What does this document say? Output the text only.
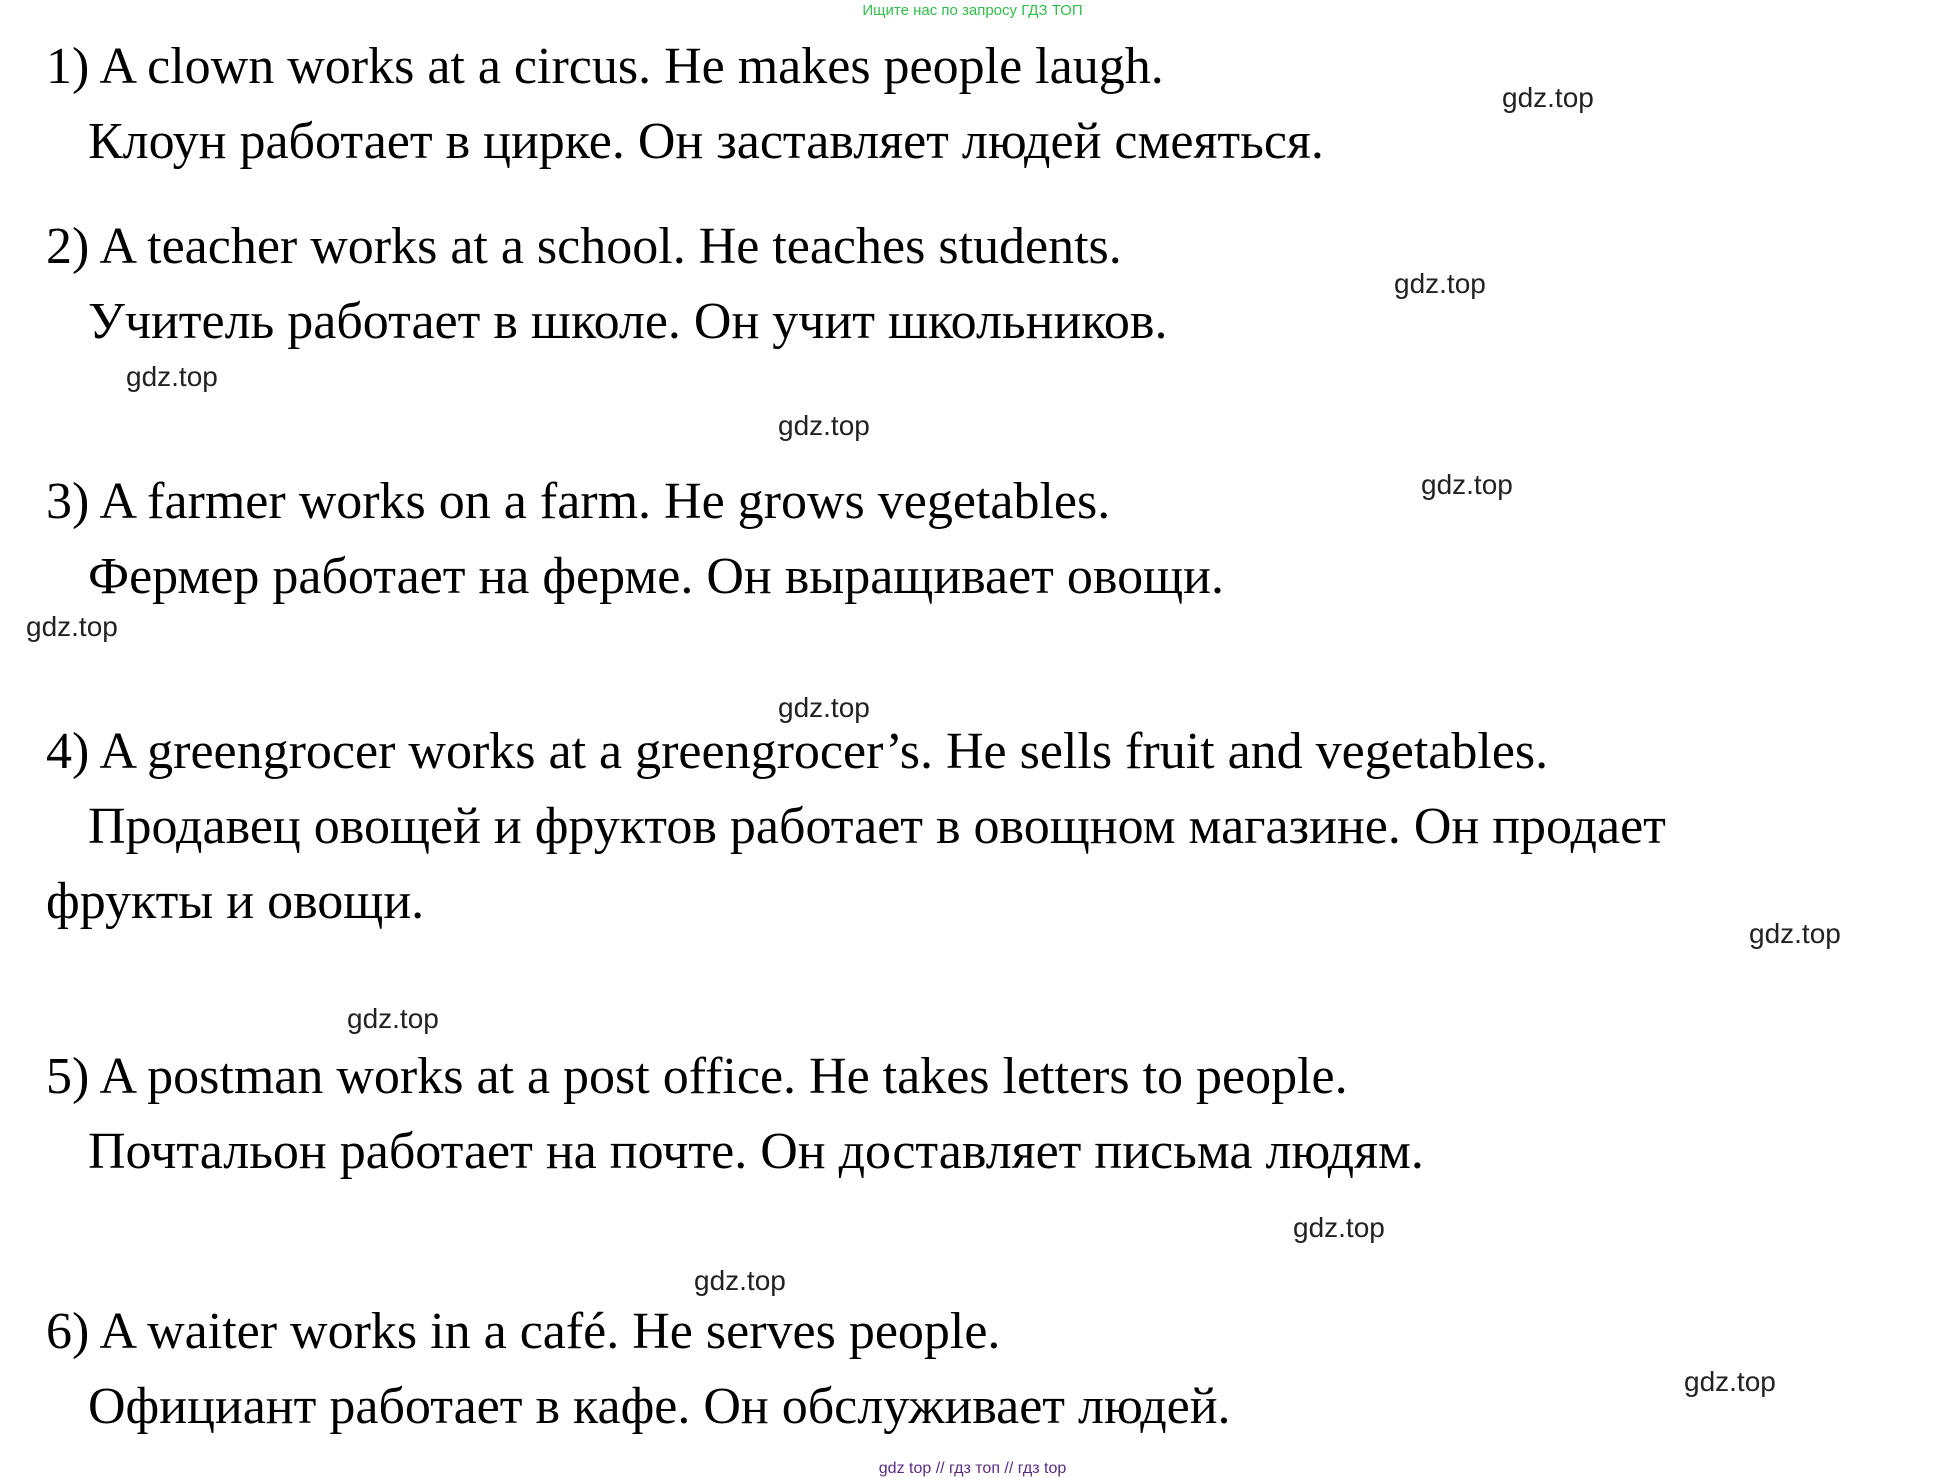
Ищите нас по запросу ГДЗ ТОП
1) A clown works at a circus. He makes people laugh.
Клоун работает в цирке. Он заставляет людей смеяться.
2) A teacher works at a school. He teaches students.
Учитель работает в школе. Он учит школьников.
3) A farmer works on a farm. He grows vegetables.
Фермер работает на ферме. Он выращивает овощи.
4) A greengrocer works at a greengrocer’s. He sells fruit and vegetables.
Продавец овощей и фруктов работает в овощном магазине. Он продает
фрукты и овощи.
5) A postman works at a post office. He takes letters to people.
Почтальон работает на почте. Он доставляет письма людям.
6) A waiter works in a café. He serves people.
Официант работает в кафе. Он обслуживает людей.
gdz.top
gdz.top
gdz.top
gdz.top
gdz.top
gdz.top
gdz.top
gdz.top
gdz.top
gdz.top
gdz.top
gdz.top
gdz top // гдз топ // гдз top
